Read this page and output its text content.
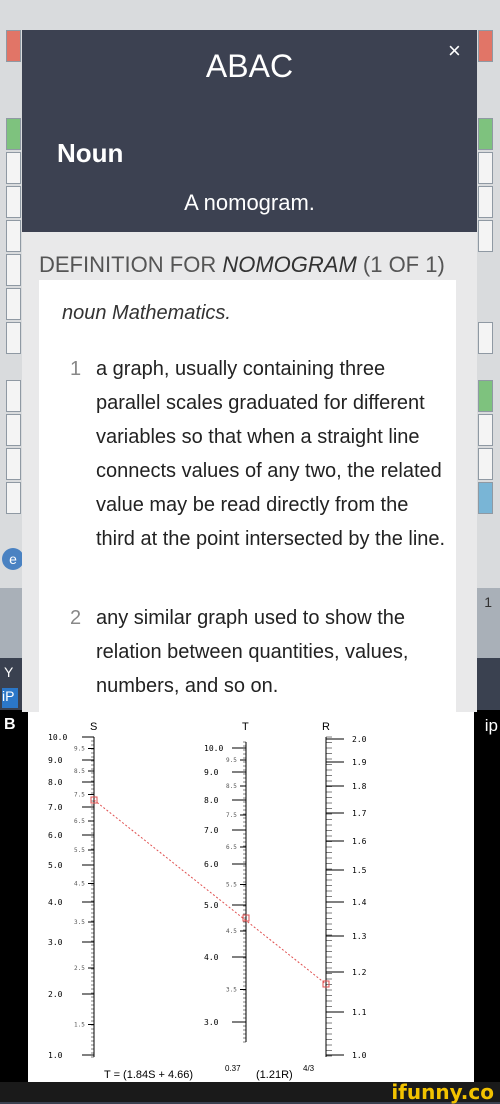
e
1
Y
iP
B	ip
ABAC	×
Noun
A nomogram.
DEFINITION FOR NOMOGRAM (1 OF 1)
noun Mathematics.
1 a graph, usually containing three parallel scales graduated for different variables so that when a straight line connects values of any two, the related value may be read directly from the third at the point intersected by the line.
2 any similar graph used to show the relation between quantities, values, numbers, and so on.
S	T	R
10.0
9.0
8.0
7.0
6.0
5.0
4.0
3.0
2.0
1.0
9.5
8.5
7.5
6.5
5.5
4.5
3.5
2.5
1.5
10.0
9.0
8.0
7.0
6.0
5.0
4.0
3.0
9.5
8.5
7.5
6.5
5.5
4.5
3.5
2.0
1.9
1.8
1.7
1.6
1.5
1.4
1.3
1.2
1.1
1.0
T = (1.84S + 4.66)
0.37
(1.21R)
4/3
ifunny.co
